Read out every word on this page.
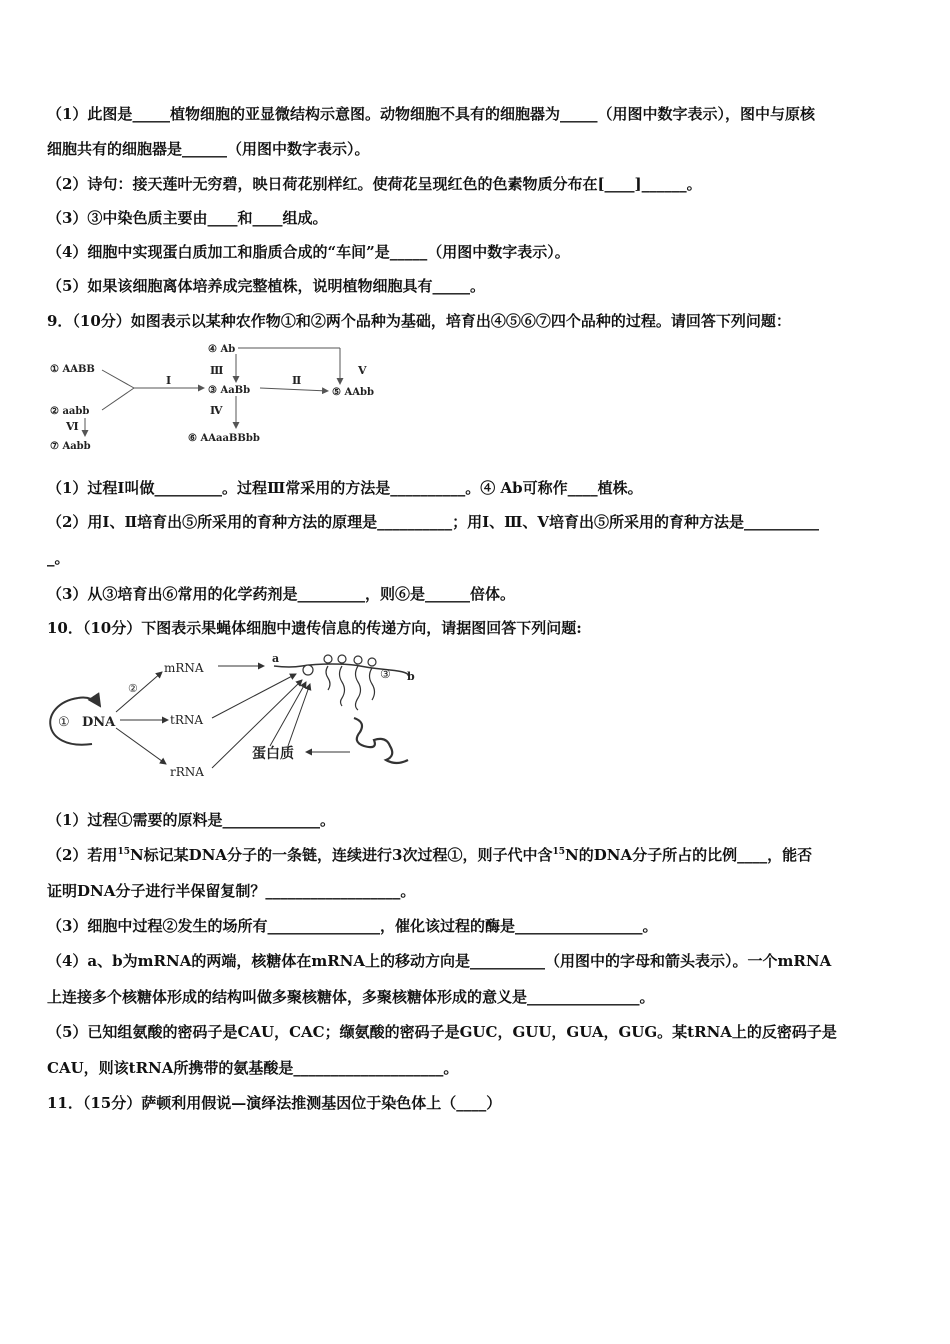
（1）此图是_____植物细胞的亚显微结构示意图。动物细胞不具有的细胞器为_____（用图中数字表示），图中与原核
细胞共有的细胞器是______（用图中数字表示）。
（2）诗句：接天莲叶无穷碧，映日荷花别样红。使荷花呈现红色的色素物质分布在[____]______。
（3）③中染色质主要由____和____组成。
（4）细胞中实现蛋白质加工和脂质合成的“车间”是_____（用图中数字表示）。
（5）如果该细胞离体培养成完整植株，说明植物细胞具有_____。
9．（10分）如图表示以某种农作物①和②两个品种为基础，培育出④⑤⑥⑦四个品种的过程。请回答下列问题：
① AABB
② aabb
④ Ab
③ AaBb	⑤ AAbb
⑥ AAaaBBbb
⑦ Aabb
Ⅰ	Ⅱ
Ⅲ
Ⅳ
Ⅴ
Ⅵ
（1）过程Ⅰ叫做_________。过程Ⅲ常采用的方法是__________。④ Ab可称作____植株。
（2）用Ⅰ、Ⅱ培育出⑤所采用的育种方法的原理是__________；用Ⅰ、Ⅲ、Ⅴ培育出⑤所采用的育种方法是__________
_。
（3）从③培育出⑥常用的化学药剂是_________，则⑥是______倍体。
10．（10分）下图表示果蝇体细胞中遗传信息的传递方向，请据图回答下列问题:
① DNA
②
mRNA
tRNA
rRNA
a
b
③
蛋白质
（1）过程①需要的原料是_____________。
（2）若用$^{15}$N标记某DNA分子的一条链，连续进行3次过程①，则子代中含$^{15}$N的DNA分子所占的比例____，能否
证明DNA分子进行半保留复制？__________________。
（3）细胞中过程②发生的场所有_______________，催化该过程的酶是_________________。
（4）a、b为mRNA的两端，核糖体在mRNA上的移动方向是__________（用图中的字母和箭头表示）。一个mRNA
上连接多个核糖体形成的结构叫做多聚核糖体，多聚核糖体形成的意义是_______________。
（5）已知组氨酸的密码子是CAU，CAC；缬氨酸的密码子是GUC，GUU，GUA，GUG。某tRNA上的反密码子是
CAU，则该tRNA所携带的氨基酸是____________________。
11．（15分）萨顿利用假说—演绎法推测基因位于染色体上（____）
